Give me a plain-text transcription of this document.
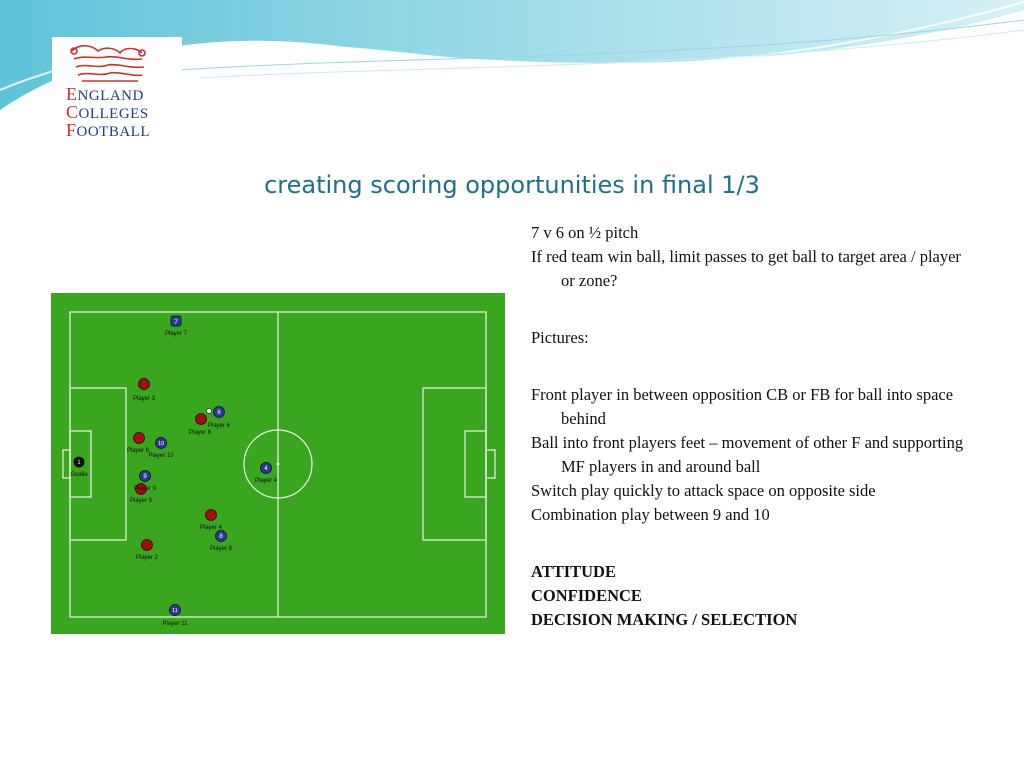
ENGLAND
COLLEGES
FOOTBALL
creating scoring opportunities in final 1/3
Player 3
Player 8
Player 6
Player 5
Player 4
Player 2
7
Player 7
6
Player 6
10
Player 10
9
Player 9
4
Player 4
8
Player 8
11
Player 11
1
Goalie

7 v 6 on ½ pitch

If red team win ball, limit passes to get ball to target area / player or zone?

Pictures:

Front player in between opposition CB or FB for ball into space behind

Ball into front players feet – movement of other F and supporting MF players in and around ball

Switch play quickly to attack space on opposite side

Combination play between 9 and 10

ATTITUDE

CONFIDENCE

DECISION MAKING / SELECTION
